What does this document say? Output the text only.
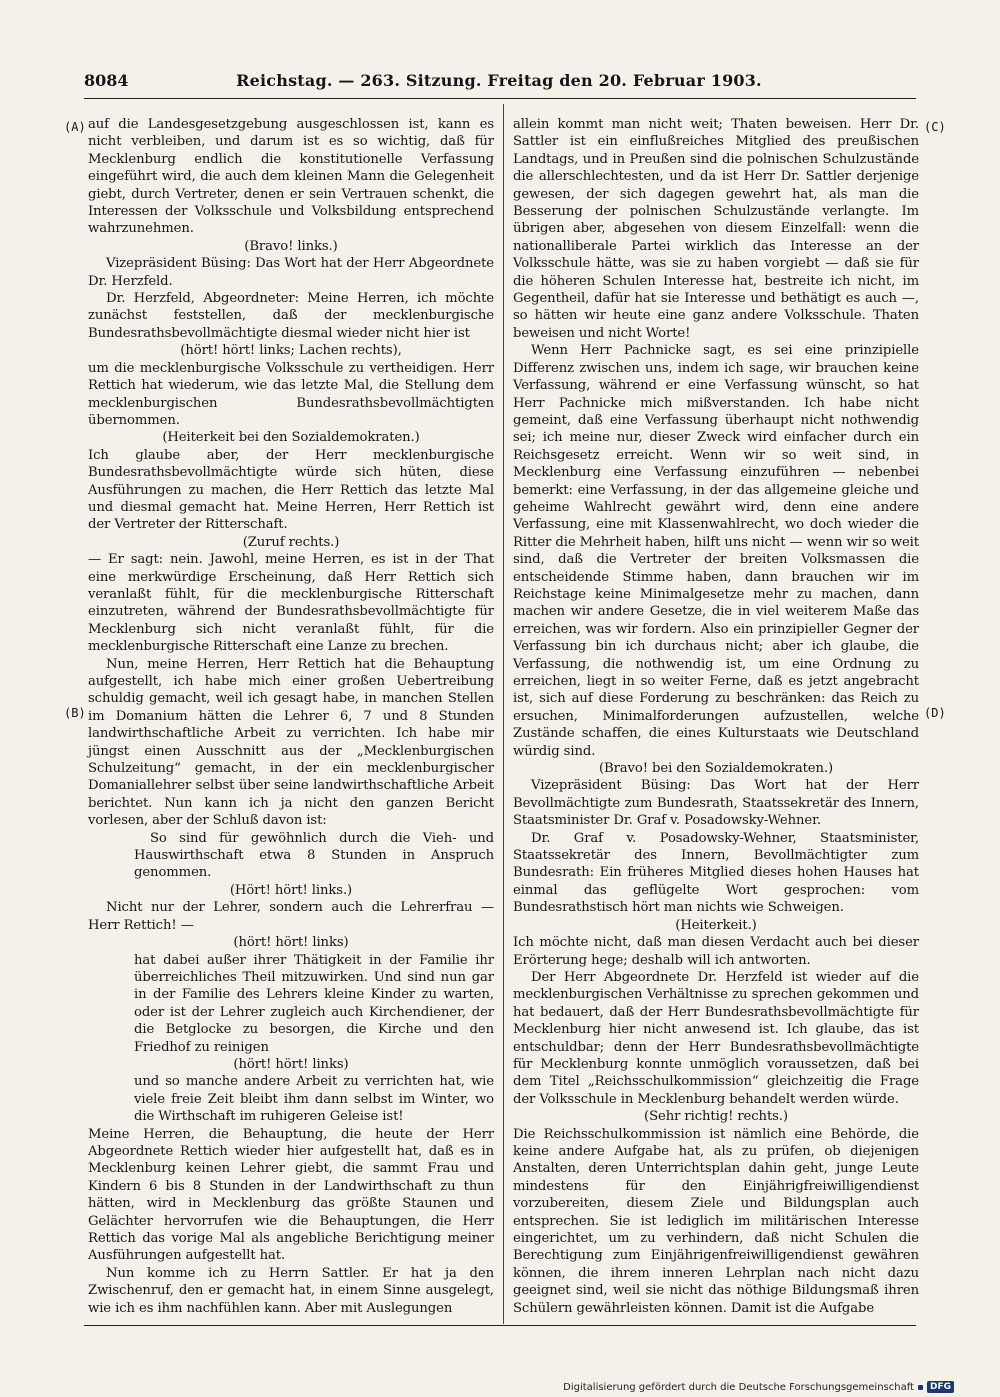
8084	Reichstag. — 263. Sitzung. Freitag den 20. Februar 1903.
(A)
(B)
(C)
(D)

auf die Landesgesetzgebung ausgeschlossen ist, kann es nicht verbleiben, und darum ist es so wichtig, daß für Mecklenburg endlich die konstitutionelle Verfassung eingeführt wird, die auch dem kleinen Mann die Gelegenheit giebt, durch Vertreter, denen er sein Vertrauen schenkt, die Interessen der Volksschule und Volksbildung entsprechend wahrzunehmen.

(Bravo! links.)

Vizepräsident Büsing: Das Wort hat der Herr Abgeordnete Dr. Herzfeld.

Dr. Herzfeld, Abgeordneter: Meine Herren, ich möchte zunächst feststellen, daß der mecklenburgische Bundesrathsbevollmächtigte diesmal wieder nicht hier ist

(hört! hört! links; Lachen rechts),

um die mecklenburgische Volksschule zu vertheidigen. Herr Rettich hat wiederum, wie das letzte Mal, die Stellung dem mecklenburgischen Bundesrathsbevollmächtigten übernommen.

(Heiterkeit bei den Sozialdemokraten.)

Ich glaube aber, der Herr mecklenburgische Bundesrathsbevollmächtigte würde sich hüten, diese Ausführungen zu machen, die Herr Rettich das letzte Mal und diesmal gemacht hat. Meine Herren, Herr Rettich ist der Vertreter der Ritterschaft.

(Zuruf rechts.)

— Er sagt: nein. Jawohl, meine Herren, es ist in der That eine merkwürdige Erscheinung, daß Herr Rettich sich veranlaßt fühlt, für die mecklenburgische Ritterschaft einzutreten, während der Bundesrathsbevollmächtigte für Mecklenburg sich nicht veranlaßt fühlt, für die mecklenburgische Ritterschaft eine Lanze zu brechen.

Nun, meine Herren, Herr Rettich hat die Behauptung aufgestellt, ich habe mich einer großen Uebertreibung schuldig gemacht, weil ich gesagt habe, in manchen Stellen im Domanium hätten die Lehrer 6, 7 und 8 Stunden landwirthschaftliche Arbeit zu verrichten. Ich habe mir jüngst einen Ausschnitt aus der „Mecklenburgischen Schulzeitung“ gemacht, in der ein mecklenburgischer Domaniallehrer selbst über seine landwirthschaftliche Arbeit berichtet. Nun kann ich ja nicht den ganzen Bericht vorlesen, aber der Schluß davon ist:

So sind für gewöhnlich durch die Vieh- und Hauswirthschaft etwa 8 Stunden in Anspruch genommen.

(Hört! hört! links.)

Nicht nur der Lehrer, sondern auch die Lehrerfrau — Herr Rettich! —

(hört! hört! links)

hat dabei außer ihrer Thätigkeit in der Familie ihr überreichliches Theil mitzuwirken. Und sind nun gar in der Familie des Lehrers kleine Kinder zu warten, oder ist der Lehrer zugleich auch Kirchendiener, der die Betglocke zu besorgen, die Kirche und den Friedhof zu reinigen

(hört! hört! links)

und so manche andere Arbeit zu verrichten hat, wie viele freie Zeit bleibt ihm dann selbst im Winter, wo die Wirthschaft im ruhigeren Geleise ist!

Meine Herren, die Behauptung, die heute der Herr Abgeordnete Rettich wieder hier aufgestellt hat, daß es in Mecklenburg keinen Lehrer giebt, die sammt Frau und Kindern 6 bis 8 Stunden in der Landwirthschaft zu thun hätten, wird in Mecklenburg das größte Staunen und Gelächter hervorrufen wie die Behauptungen, die Herr Rettich das vorige Mal als angebliche Berichtigung meiner Ausführungen aufgestellt hat.

Nun komme ich zu Herrn Sattler. Er hat ja den Zwischenruf, den er gemacht hat, in einem Sinne ausgelegt, wie ich es ihm nachfühlen kann. Aber mit Auslegungen

allein kommt man nicht weit; Thaten beweisen. Herr Dr. Sattler ist ein einflußreiches Mitglied des preußischen Landtags, und in Preußen sind die polnischen Schulzustände die allerschlechtesten, und da ist Herr Dr. Sattler derjenige gewesen, der sich dagegen gewehrt hat, als man die Besserung der polnischen Schulzustände verlangte. Im übrigen aber, abgesehen von diesem Einzelfall: wenn die nationalliberale Partei wirklich das Interesse an der Volksschule hätte, was sie zu haben vorgiebt — daß sie für die höheren Schulen Interesse hat, bestreite ich nicht, im Gegentheil, dafür hat sie Interesse und bethätigt es auch —, so hätten wir heute eine ganz andere Volksschule. Thaten beweisen und nicht Worte!

Wenn Herr Pachnicke sagt, es sei eine prinzipielle Differenz zwischen uns, indem ich sage, wir brauchen keine Verfassung, während er eine Verfassung wünscht, so hat Herr Pachnicke mich mißverstanden. Ich habe nicht gemeint, daß eine Verfassung überhaupt nicht nothwendig sei; ich meine nur, dieser Zweck wird einfacher durch ein Reichsgesetz erreicht. Wenn wir so weit sind, in Mecklenburg eine Verfassung einzuführen — nebenbei bemerkt: eine Verfassung, in der das allgemeine gleiche und geheime Wahlrecht gewährt wird, denn eine andere Verfassung, eine mit Klassenwahlrecht, wo doch wieder die Ritter die Mehrheit haben, hilft uns nicht — wenn wir so weit sind, daß die Vertreter der breiten Volksmassen die entscheidende Stimme haben, dann brauchen wir im Reichstage keine Minimalgesetze mehr zu machen, dann machen wir andere Gesetze, die in viel weiterem Maße das erreichen, was wir fordern. Also ein prinzipieller Gegner der Verfassung bin ich durchaus nicht; aber ich glaube, die Verfassung, die nothwendig ist, um eine Ordnung zu erreichen, liegt in so weiter Ferne, daß es jetzt angebracht ist, sich auf diese Forderung zu beschränken: das Reich zu ersuchen, Minimalforderungen aufzustellen, welche Zustände schaffen, die eines Kulturstaats wie Deutschland würdig sind.

(Bravo! bei den Sozialdemokraten.)

Vizepräsident Büsing: Das Wort hat der Herr Bevollmächtigte zum Bundesrath, Staatssekretär des Innern, Staatsminister Dr. Graf v. Posadowsky-Wehner.

Dr. Graf v. Posadowsky-Wehner, Staatsminister, Staatssekretär des Innern, Bevollmächtigter zum Bundesrath: Ein früheres Mitglied dieses hohen Hauses hat einmal das geflügelte Wort gesprochen: vom Bundesrathstisch hört man nichts wie Schweigen.

(Heiterkeit.)

Ich möchte nicht, daß man diesen Verdacht auch bei dieser Erörterung hege; deshalb will ich antworten.

Der Herr Abgeordnete Dr. Herzfeld ist wieder auf die mecklenburgischen Verhältnisse zu sprechen gekommen und hat bedauert, daß der Herr Bundesrathsbevollmächtigte für Mecklenburg hier nicht anwesend ist. Ich glaube, das ist entschuldbar; denn der Herr Bundesrathsbevollmächtigte für Mecklenburg konnte unmöglich voraussetzen, daß bei dem Titel „Reichsschulkommission“ gleichzeitig die Frage der Volksschule in Mecklenburg behandelt werden würde.

(Sehr richtig! rechts.)

Die Reichsschulkommission ist nämlich eine Behörde, die keine andere Aufgabe hat, als zu prüfen, ob diejenigen Anstalten, deren Unterrichtsplan dahin geht, junge Leute mindestens für den Einjährigfreiwilligendienst vorzubereiten, diesem Ziele und Bildungsplan auch entsprechen. Sie ist lediglich im militärischen Interesse eingerichtet, um zu verhindern, daß nicht Schulen die Berechtigung zum Einjährigenfreiwilligendienst gewähren können, die ihrem inneren Lehrplan nach nicht dazu geeignet sind, weil sie nicht das nöthige Bildungsmaß ihren Schülern gewährleisten können. Damit ist die Aufgabe

Digitalisierung gefördert durch die Deutsche Forschungsgemeinschaft	DFG
